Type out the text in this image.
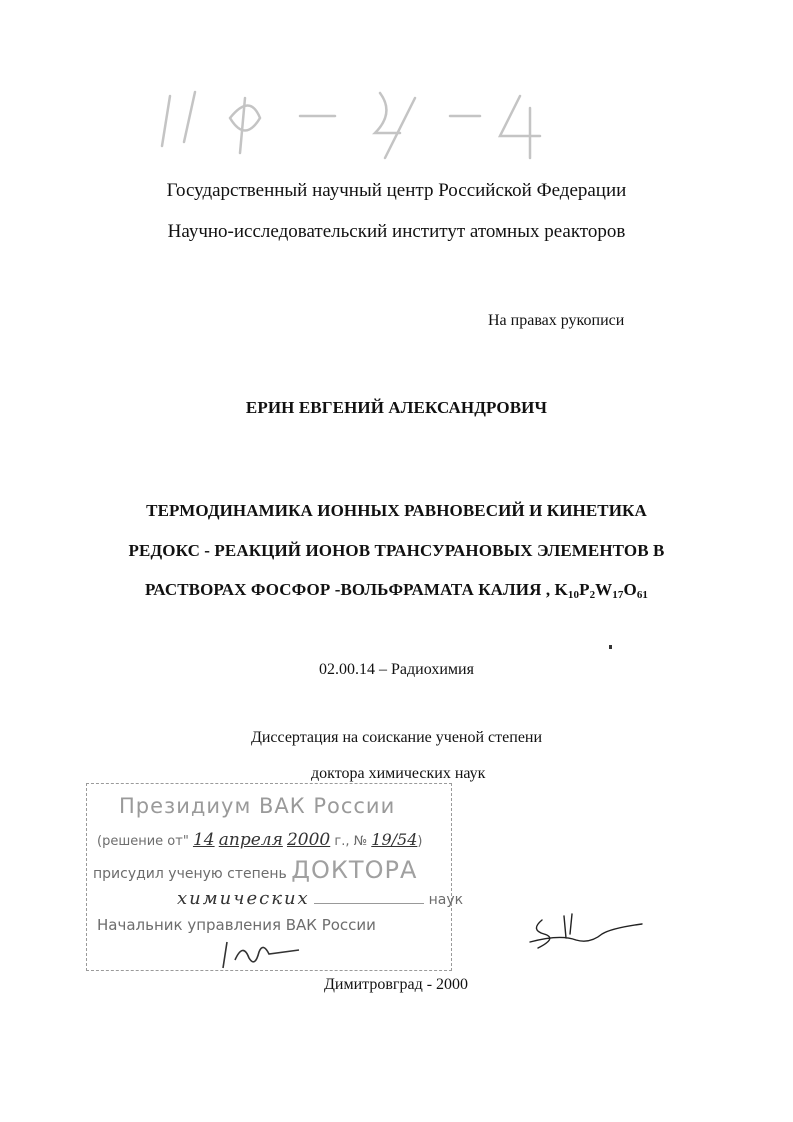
Государственный научный центр Российской Федерации
Научно-исследовательский институт атомных реакторов
На правах рукописи
ЕРИН ЕВГЕНИЙ АЛЕКСАНДРОВИЧ
ТЕРМОДИНАМИКА ИОННЫХ РАВНОВЕСИЙ И КИНЕТИКА
РЕДОКС - РЕАКЦИЙ ИОНОВ ТРАНСУРАНОВЫХ ЭЛЕМЕНТОВ В
РАСТВОРАХ ФОСФОР -ВОЛЬФРАМАТА КАЛИЯ , $K_{10}P_2W_{17}O_{61}$
02.00.14 – Радиохимия
Диссертация на соискание ученой степени
доктора химических наук
Президиум ВАК России
(решение от" 14 апреля 2000 г., № 19/54)
присудил ученую степень ДОКТОРА
химических	наук
Начальник управления ВАК России
Димитровград - 2000
